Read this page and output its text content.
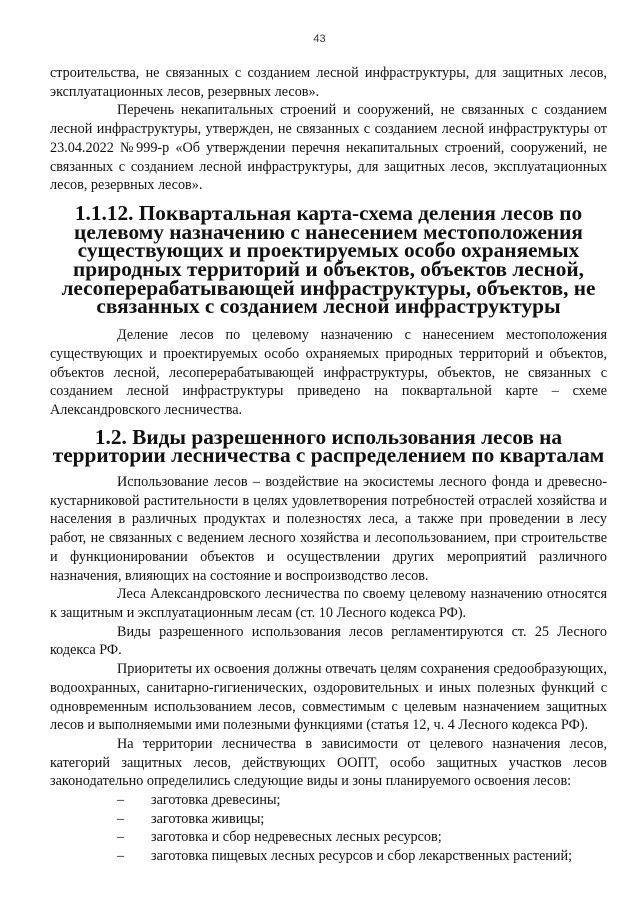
43

строительства, не связанных с созданием лесной инфраструктуры, для защитных лесов, эксплуатационных лесов, резервных лесов».

Перечень некапитальных строений и сооружений, не связанных с созданием лесной инфраструктуры, утвержден, не связанных с созданием лесной инфраструктуры от 23.04.2022 №999-р «Об утверждении перечня некапитальных строений, сооружений, не связанных с созданием лесной инфраструктуры, для защитных лесов, эксплуатационных лесов, резервных лесов».

1.1.12. Поквартальная карта-схема деления лесов по целевому назначению с нанесением местоположения существующих и проектируемых особо охраняемых природных территорий и объектов, объектов лесной, лесоперерабатывающей инфраструктуры, объектов, не связанных с созданием лесной инфраструктуры

Деление лесов по целевому назначению с нанесением местоположения существующих и проектируемых особо охраняемых природных территорий и объектов, объектов лесной, лесоперерабатывающей инфраструктуры, объектов, не связанных с созданием лесной инфраструктуры приведено на поквартальной карте – схеме Александровского лесничества.

1.2. Виды разрешенного использования лесов на территории лесничества с распределением по кварталам

Использование лесов – воздействие на экосистемы лесного фонда и древесно-кустарниковой растительности в целях удовлетворения потребностей отраслей хозяйства и населения в различных продуктах и полезностях леса, а также при проведении в лесу работ, не связанных с ведением лесного хозяйства и лесопользованием, при строительстве и функционировании объектов и осуществлении других мероприятий различного назначения, влияющих на состояние и воспроизводство лесов.

Леса Александровского лесничества по своему целевому назначению относятся к защитным и эксплуатационным лесам (ст. 10 Лесного кодекса РФ).

Виды разрешенного использования лесов регламентируются ст. 25 Лесного кодекса РФ.

Приоритеты их освоения должны отвечать целям сохранения средообразующих, водоохранных, санитарно-гигиенических, оздоровительных и иных полезных функций с одновременным использованием лесов, совместимым с целевым назначением защитных лесов и выполняемыми ими полезными функциями (статья 12, ч. 4 Лесного кодекса РФ).

На территории лесничества в зависимости от целевого назначения лесов, категорий защитных лесов, действующих ООПТ, особо защитных участков лесов законодательно определились следующие виды и зоны планируемого освоения лесов:

– заготовка древесины;
– заготовка живицы;
– заготовка и сбор недревесных лесных ресурсов;
– заготовка пищевых лесных ресурсов и сбор лекарственных растений;
